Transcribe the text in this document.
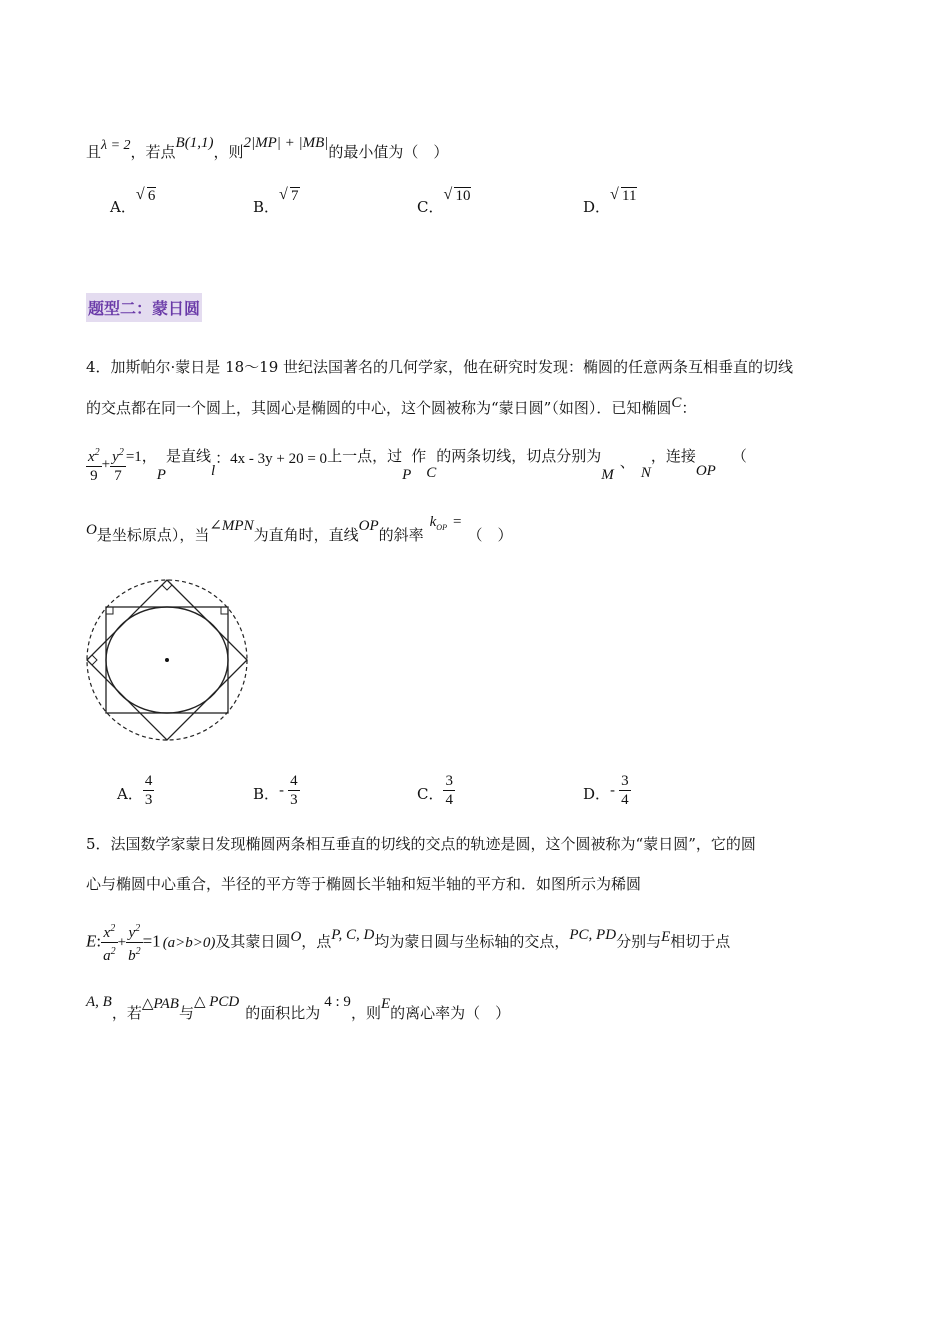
且λ = 2，若点B(1,1)，则2|MP| + |MB|的最小值为（　）
A．√ 6
B．√ 7
C．√ 10
D．√ 11
题型二：蒙日圆
4．加斯帕尔·蒙日是 18～19 世纪法国著名的几何学家，他在研究时发现：椭圆的任意两条互相垂直的切线
的交点都在同一个圆上，其圆心是椭圆的中心，这个圆被称为“蒙日圆”（如图）．已知椭圆C：
$\frac{x^2}{9} + \frac{y^2}{7} =1$，P是直线l：4x - 3y + 20 = 0上一点，过P作C的两条切线，切点分别为M、N，连接OP（
O是坐标原点），当∠MPN为直角时，直线OP的斜率$k_{OP}$ =（　）
A． $\frac{4}{3}$	B．- $\frac{4}{3}$	C． $\frac{3}{4}$	D．- $\frac{3}{4}$
5．法国数学家蒙日发现椭圆两条相互垂直的切线的交点的轨迹是圆，这个圆被称为“蒙日圆”，它的圆
心与椭圆中心重合，半径的平方等于椭圆长半轴和短半轴的平方和．如图所示为稀圆
E: $\frac{x^2}{a^2} + \frac{y^2}{b^2} =1$ (a>b>0)及其蒙日圆O，点P, C, D均为蒙日圆与坐标轴的交点，PC, PD分别与E相切于点
A, B，若△PAB与△ PCD的面积比为4 : 9，则E的离心率为（　）
